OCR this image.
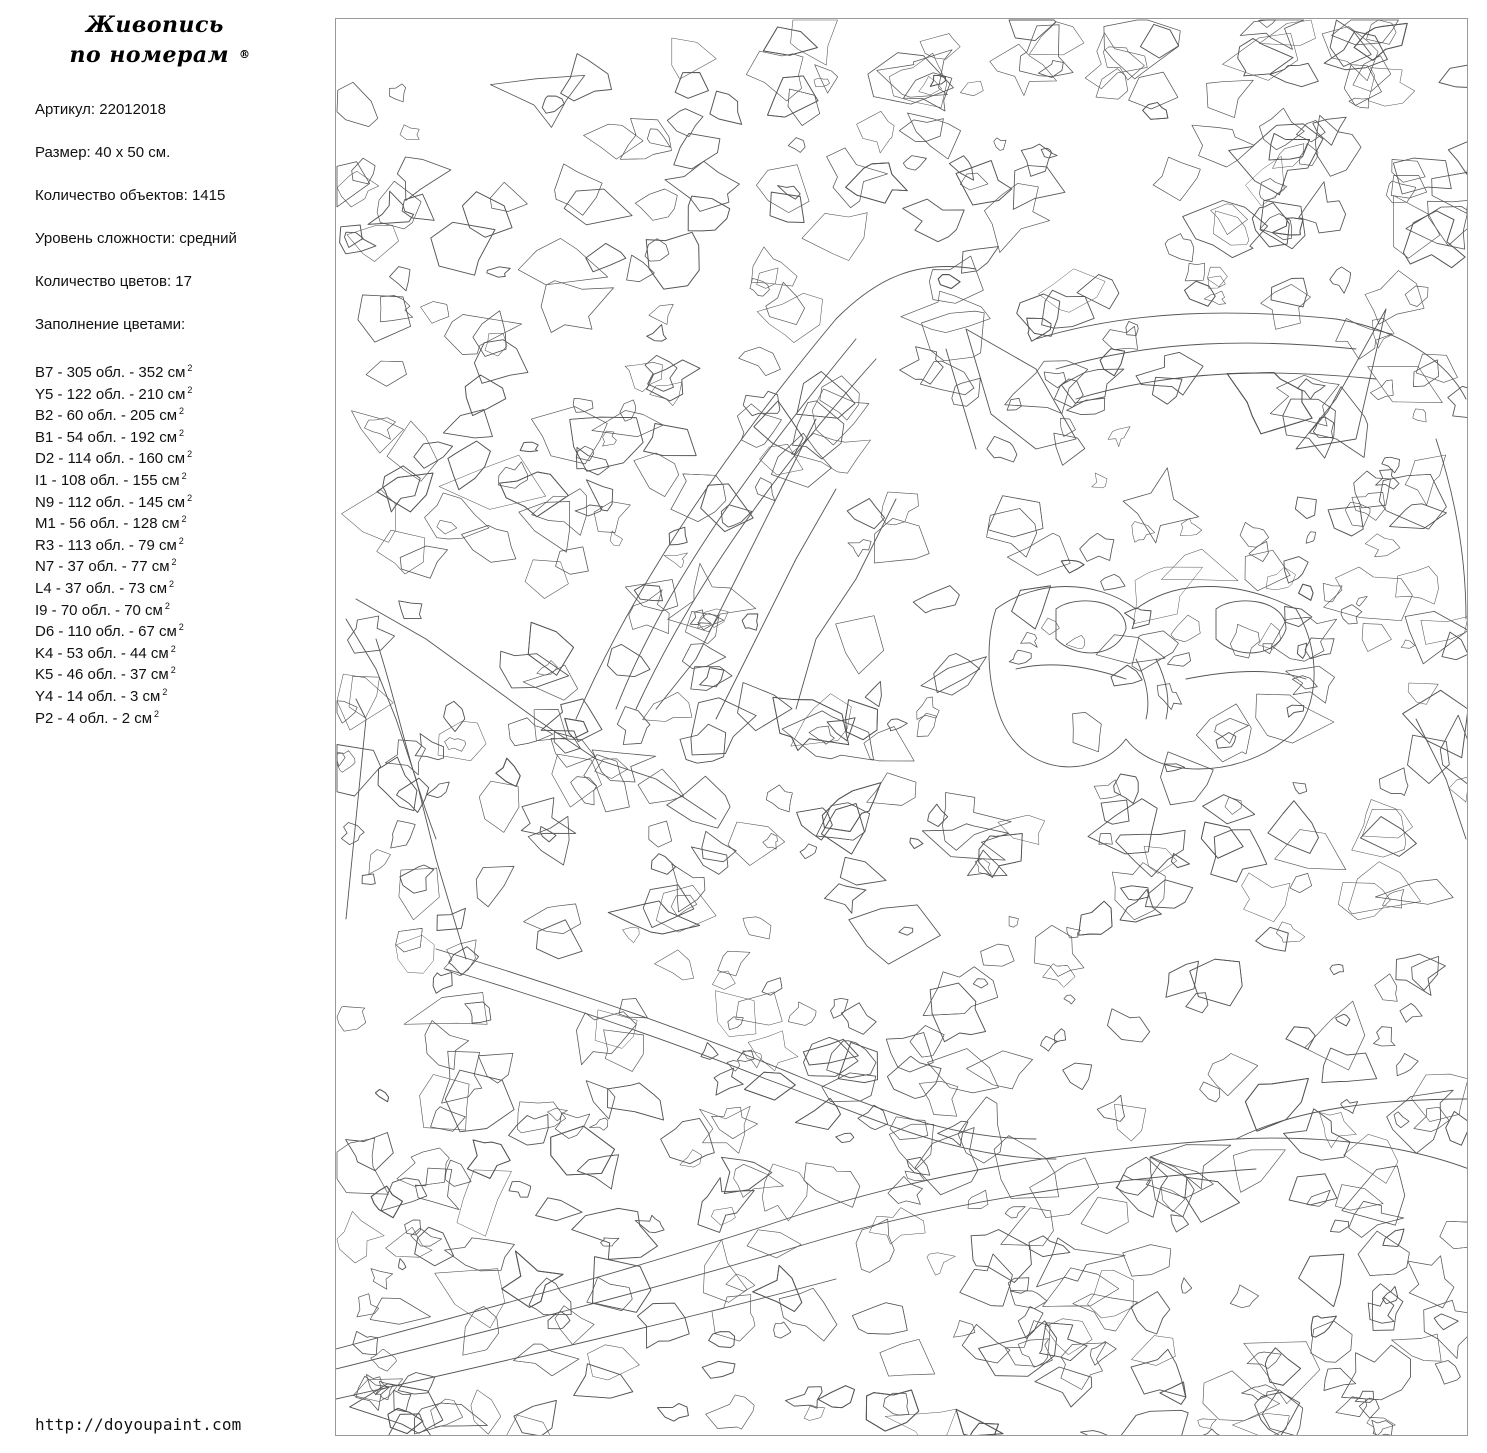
Живопись
по номерам ®
Артикул: 22012018
Размер: 40 х 50 см.
Количество объектов: 1415
Уровень сложности: средний
Количество цветов: 17
Заполнение цветами:
B7 - 305 обл. - 352 см $^2$
Y5 - 122 обл. - 210 см $^2$
B2 - 60 обл. - 205 см $^2$
B1 - 54 обл. - 192 см $^2$
D2 - 114 обл. - 160 см $^2$
I1 - 108 обл. - 155 см $^2$
N9 - 112 обл. - 145 см $^2$
M1 - 56 обл. - 128 см $^2$
R3 - 113 обл. - 79 см $^2$
N7 - 37 обл. - 77 см $^2$
L4 - 37 обл. - 73 см $^2$
I9 - 70 обл. - 70 см $^2$
D6 - 110 обл. - 67 см $^2$
K4 - 53 обл. - 44 см $^2$
K5 - 46 обл. - 37 см $^2$
Y4 - 14 обл. - 3 см $^2$
P2 - 4 обл. - 2 см $^2$
http://doyoupaint.com
